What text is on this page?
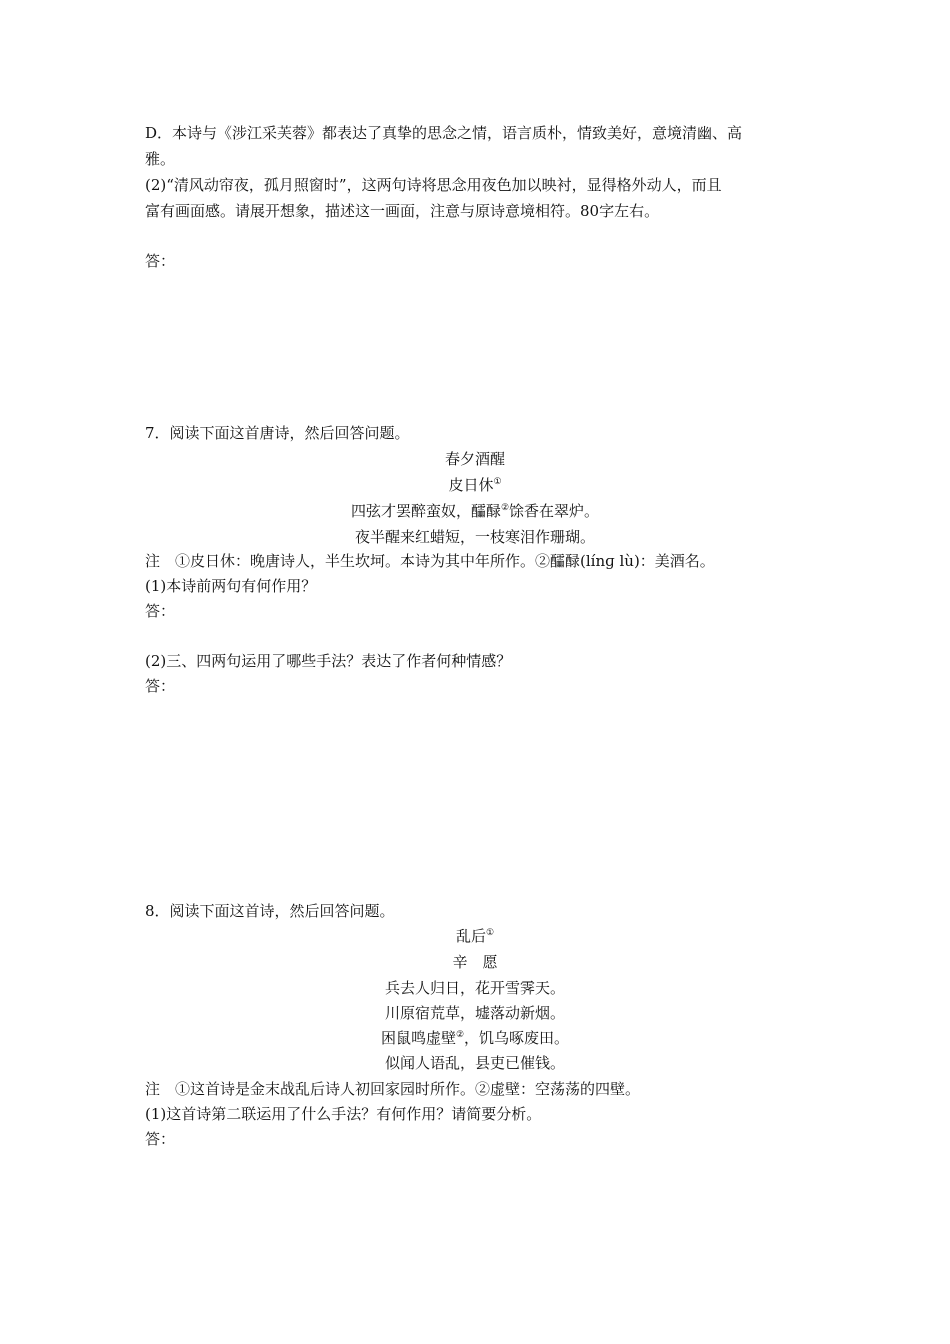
D．本诗与《涉江采芙蓉》都表达了真挚的思念之情，语言质朴，情致美好，意境清幽、高
雅。
(2)“清风动帘夜，孤月照窗时”，这两句诗将思念用夜色加以映衬，显得格外动人，而且
富有画面感。请展开想象，描述这一画面，注意与原诗意境相符。80字左右。
答：
7．阅读下面这首唐诗，然后回答问题。
春夕酒醒
皮日休①
四弦才罢醉蛮奴，醽醁②馀香在翠炉。
夜半醒来红蜡短，一枝寒泪作珊瑚。
注　①皮日休：晚唐诗人，半生坎坷。本诗为其中年所作。②醽醁(línɡ lù)：美酒名。
(1)本诗前两句有何作用？
答：
(2)三、四两句运用了哪些手法？表达了作者何种情感？
答：
8．阅读下面这首诗，然后回答问题。
乱后①
辛　愿
兵去人归日，花开雪霁天。
川原宿荒草，墟落动新烟。
困鼠鸣虚壁②，饥乌啄废田。
似闻人语乱，县吏已催钱。
注　①这首诗是金末战乱后诗人初回家园时所作。②虚壁：空荡荡的四壁。
(1)这首诗第二联运用了什么手法？有何作用？请简要分析。
答：
